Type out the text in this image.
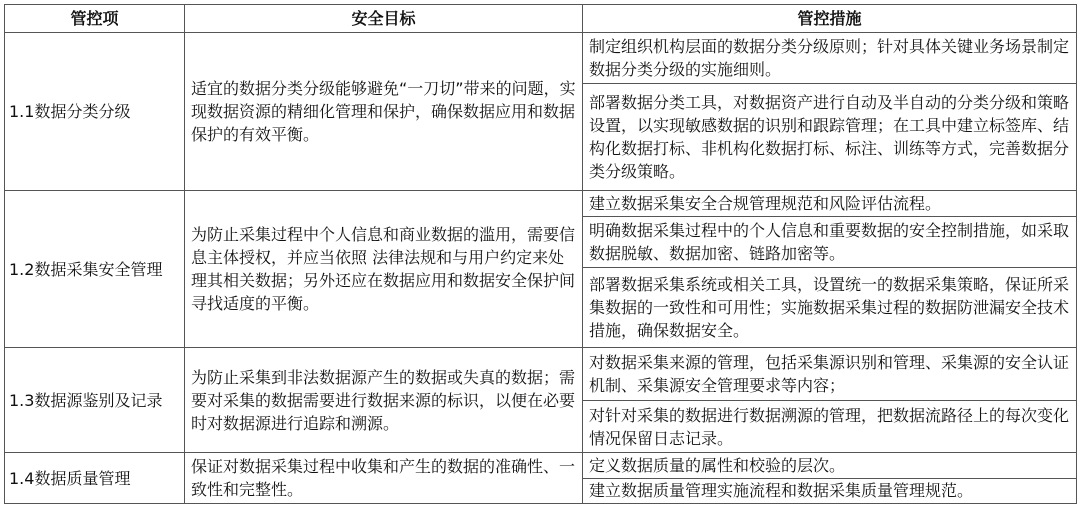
管控项	安全目标	管控措施
1.1数据分类分级	适宜的数据分类分级能够避免“一刀切”带来的问题，实现数据资源的精细化管理和保护，确保数据应用和数据保护的有效平衡。	制定组织机构层面的数据分类分级原则；针对具体关键业务场景制定数据分类分级的实施细则。
		部署数据分类工具，对数据资产进行自动及半自动的分类分级和策略设置，以实现敏感数据的识别和跟踪管理；在工具中建立标签库、结构化数据打标、非机构化数据打标、标注、训练等方式，完善数据分类分级策略。
1.2数据采集安全管理	为防止采集过程中个人信息和商业数据的滥用，需要信息主体授权，并应当依照 法律法规和与用户约定来处理其相关数据；另外还应在数据应用和数据安全保护间寻找适度的平衡。	建立数据采集安全合规管理规范和风险评估流程。
		明确数据采集过程中的个人信息和重要数据的安全控制措施，如采取数据脱敏、数据加密、链路加密等。
		部署数据采集系统或相关工具，设置统一的数据采集策略，保证所采集数据的一致性和可用性；实施数据采集过程的数据防泄漏安全技术措施，确保数据安全。
1.3数据源鉴别及记录	为防止采集到非法数据源产生的数据或失真的数据；需要对采集的数据需要进行数据来源的标识，以便在必要时对数据源进行追踪和溯源。	对数据采集来源的管理，包括采集源识别和管理、采集源的安全认证机制、采集源安全管理要求等内容；
		对针对采集的数据进行数据溯源的管理，把数据流路径上的每次变化情况保留日志记录。
1.4数据质量管理	保证对数据采集过程中收集和产生的数据的准确性、一致性和完整性。	定义数据质量的属性和校验的层次。
		建立数据质量管理实施流程和数据采集质量管理规范。
